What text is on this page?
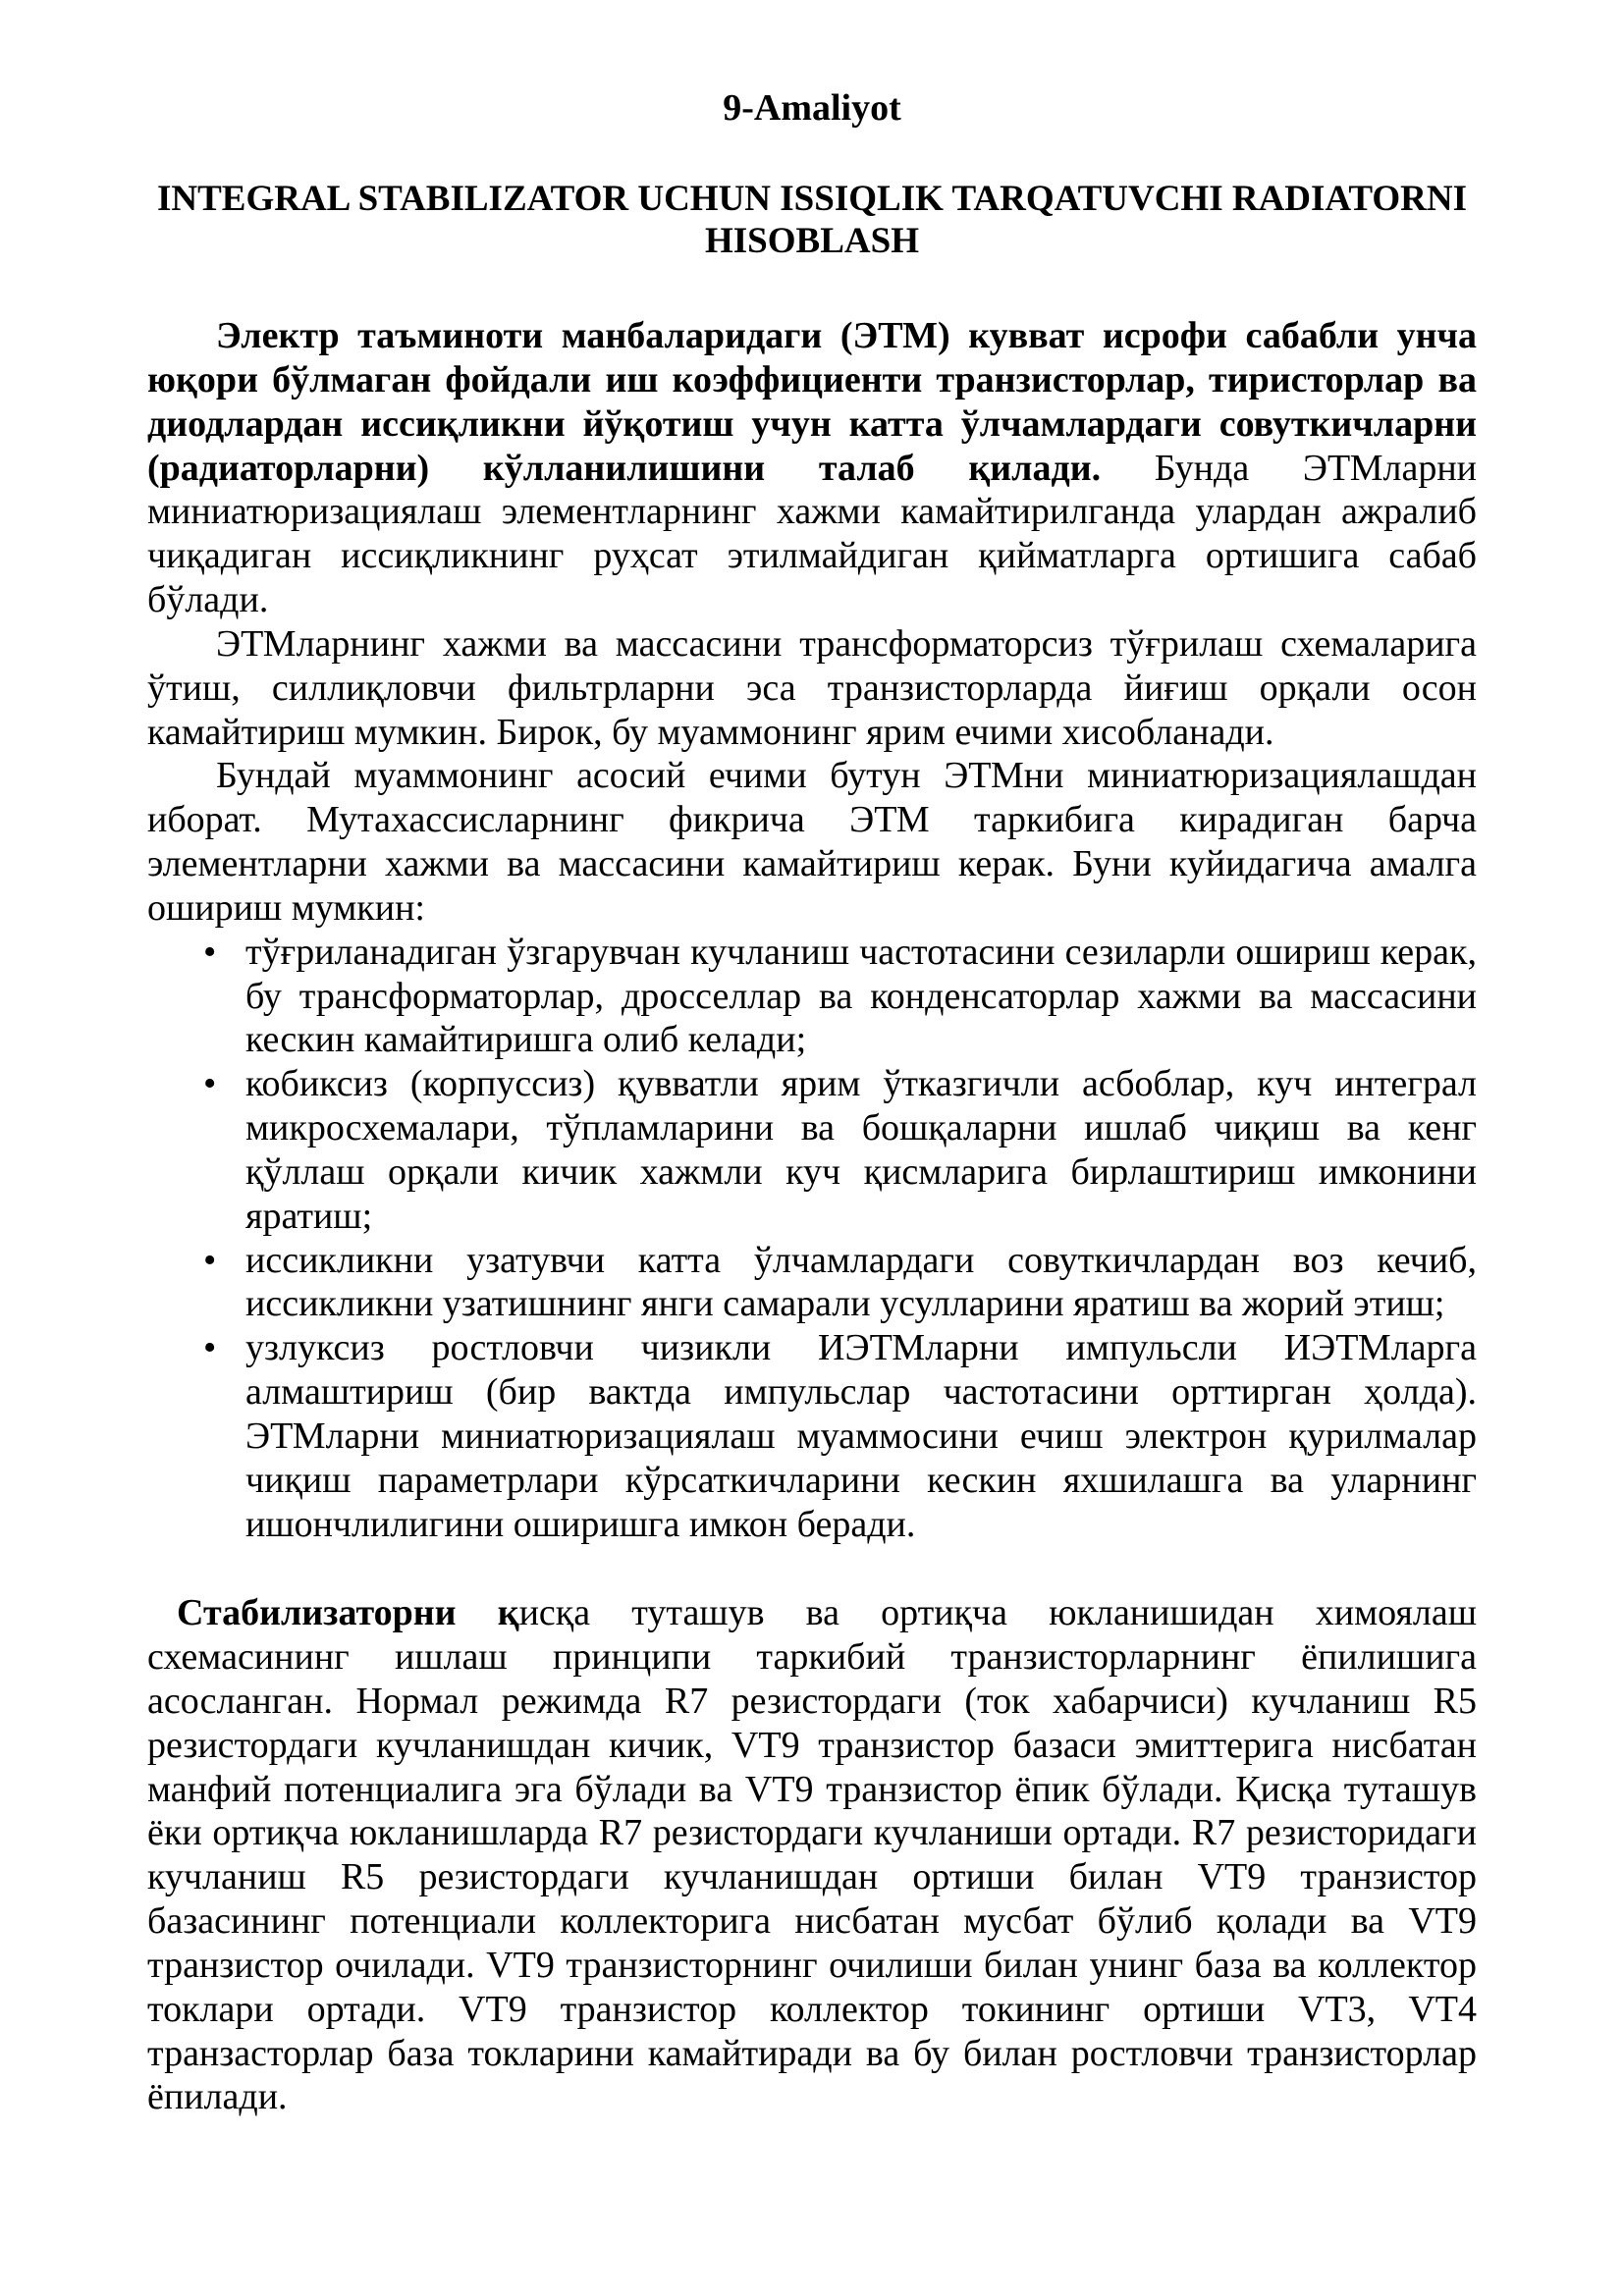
9-Amaliyot
INTEGRAL STABILIZATOR UCHUN ISSIQLIK TARQATUVCHI RADIATORNI
HISOBLASH

Электр таъминоти манбаларидаги (ЭТМ) кувват исрофи сабабли унча юқори бўлмаган фойдали иш коэффициенти транзисторлар, тиристорлар ва диодлардан иссиқликни йўқотиш учун катта ўлчамлардаги совуткичларни (радиаторларни) кўлланилишини талаб қилади. Бунда ЭТМларни миниатюризациялаш элементларнинг хажми камайтирилганда улардан ажралиб чиқадиган иссиқликнинг руҳсат этилмайдиган қийматларга ортишига сабаб бўлади.

ЭТМларнинг хажми ва массасини трансформаторсиз тўғрилаш схемаларига ўтиш, силлиқловчи фильтрларни эса транзисторларда йиғиш орқали осон камайтириш мумкин. Бирок, бу муаммонинг ярим ечими хисобланади.

Бундай муаммонинг асосий ечими бутун ЭТМни миниатюризациялашдан иборат. Мутахассисларнинг фикрича ЭТМ таркибига кирадиган барча элементларни хажми ва массасини камайтириш керак. Буни куйидагича амалга ошириш мумкин:

• тўғриланадиган ўзгарувчан кучланиш частотасини сезиларли ошириш керак, бу трансформаторлар, дросселлар ва конденсаторлар хажми ва массасини кескин камайтиришга олиб келади;
• кобиксиз (корпуссиз) қувватли ярим ўтказгичли асбоблар, куч интеграл микросхемалари, тўпламларини ва бошқаларни ишлаб чиқиш ва кенг қўллаш орқали кичик хажмли куч қисмларига бирлаштириш имконини яратиш;
• иссикликни узатувчи катта ўлчамлардаги совуткичлардан воз кечиб, иссикликни узатишнинг янги самарали усулларини яратиш ва жорий этиш;
• узлуксиз ростловчи чизикли ИЭТМларни импульсли ИЭТМларга алмаштириш (бир вактда импульслар частотасини орттирган ҳолда). ЭТМларни миниатюризациялаш муаммосини ечиш электрон қурилмалар чиқиш параметрлари кўрсаткичларини кескин яхшилашга ва уларнинг ишончлилигини оширишга имкон беради.

Стабилизаторни қисқа туташув ва ортиқча юкланишидан химоялаш схемасининг ишлаш принципи таркибий транзисторларнинг ёпилишига асосланган. Нормал режимда R7 резистордаги (ток хабарчиси) кучланиш R5 резистордаги кучланишдан кичик, VT9 транзистор базаси эмиттерига нисбатан манфий потенциалига эга бўлади ва VT9 транзистор ёпик бўлади. Қисқа туташув ёки ортиқча юкланишларда R7 резистордаги кучланиши ортади. R7 резисторидаги кучланиш R5 резистордаги кучланишдан ортиши билан VT9 транзистор базасининг потенциали коллекторига нисбатан мусбат бўлиб қолади ва VT9 транзистор очилади. VT9 транзисторнинг очилиши билан унинг база ва коллектор токлари ортади. VT9 транзистор коллектор токининг ортиши VT3, VT4 транзасторлар база токларини камайтиради ва бу билан ростловчи транзисторлар ёпилади.
